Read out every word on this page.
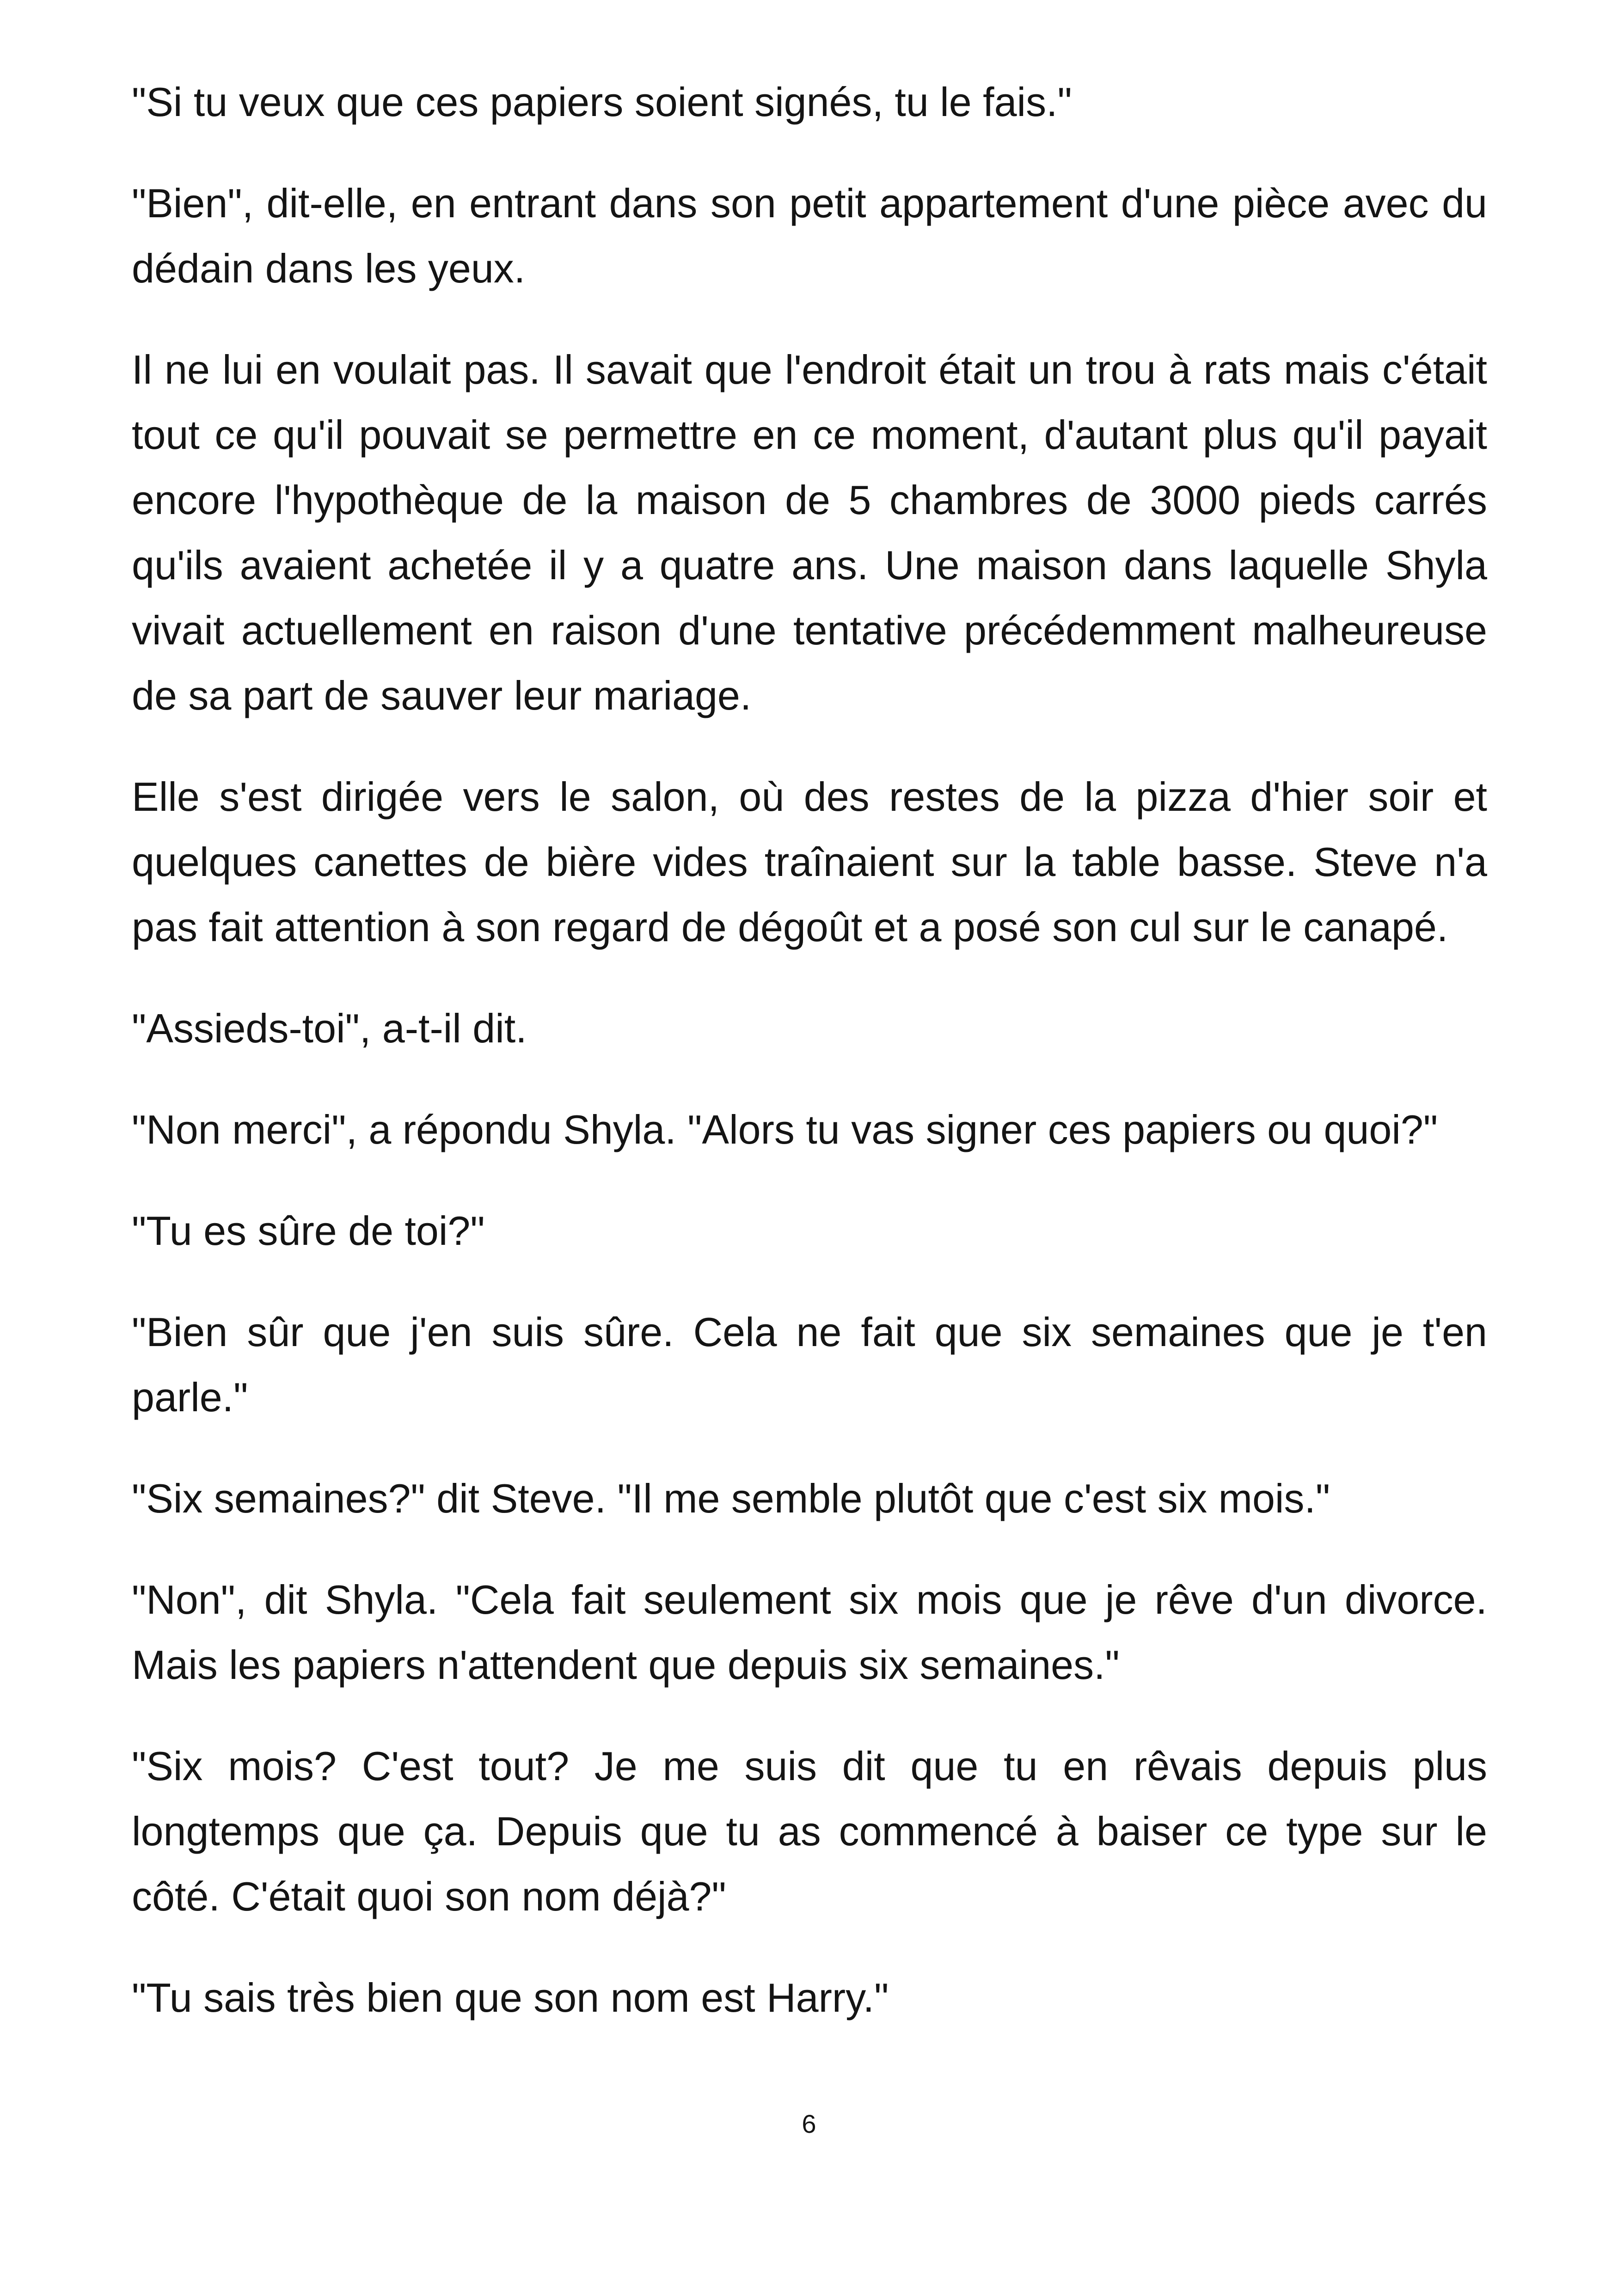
"Si tu veux que ces papiers soient signés, tu le fais."

"Bien", dit-elle, en entrant dans son petit appartement d'une pièce avec du dédain dans les yeux.

Il ne lui en voulait pas. Il savait que l'endroit était un trou à rats mais c'était tout ce qu'il pouvait se permettre en ce moment, d'autant plus qu'il payait encore l'hypothèque de la maison de 5 chambres de 3000 pieds carrés qu'ils avaient achetée il y a quatre ans. Une maison dans laquelle Shyla vivait actuellement en raison d'une tentative précédemment malheureuse de sa part de sauver leur mariage.

Elle s'est dirigée vers le salon, où des restes de la pizza d'hier soir et quelques canettes de bière vides traînaient sur la table basse. Steve n'a pas fait attention à son regard de dégoût et a posé son cul sur le canapé.

"Assieds-toi", a-t-il dit.

"Non merci", a répondu Shyla. "Alors tu vas signer ces papiers ou quoi?"

"Tu es sûre de toi?"

"Bien sûr que j'en suis sûre. Cela ne fait que six semaines que je t'en parle."

"Six semaines?" dit Steve. "Il me semble plutôt que c'est six mois."

"Non", dit Shyla. "Cela fait seulement six mois que je rêve d'un divorce. Mais les papiers n'attendent que depuis six semaines."

"Six mois? C'est tout? Je me suis dit que tu en rêvais depuis plus longtemps que ça. Depuis que tu as commencé à baiser ce type sur le côté. C'était quoi son nom déjà?"

"Tu sais très bien que son nom est Harry."

6
